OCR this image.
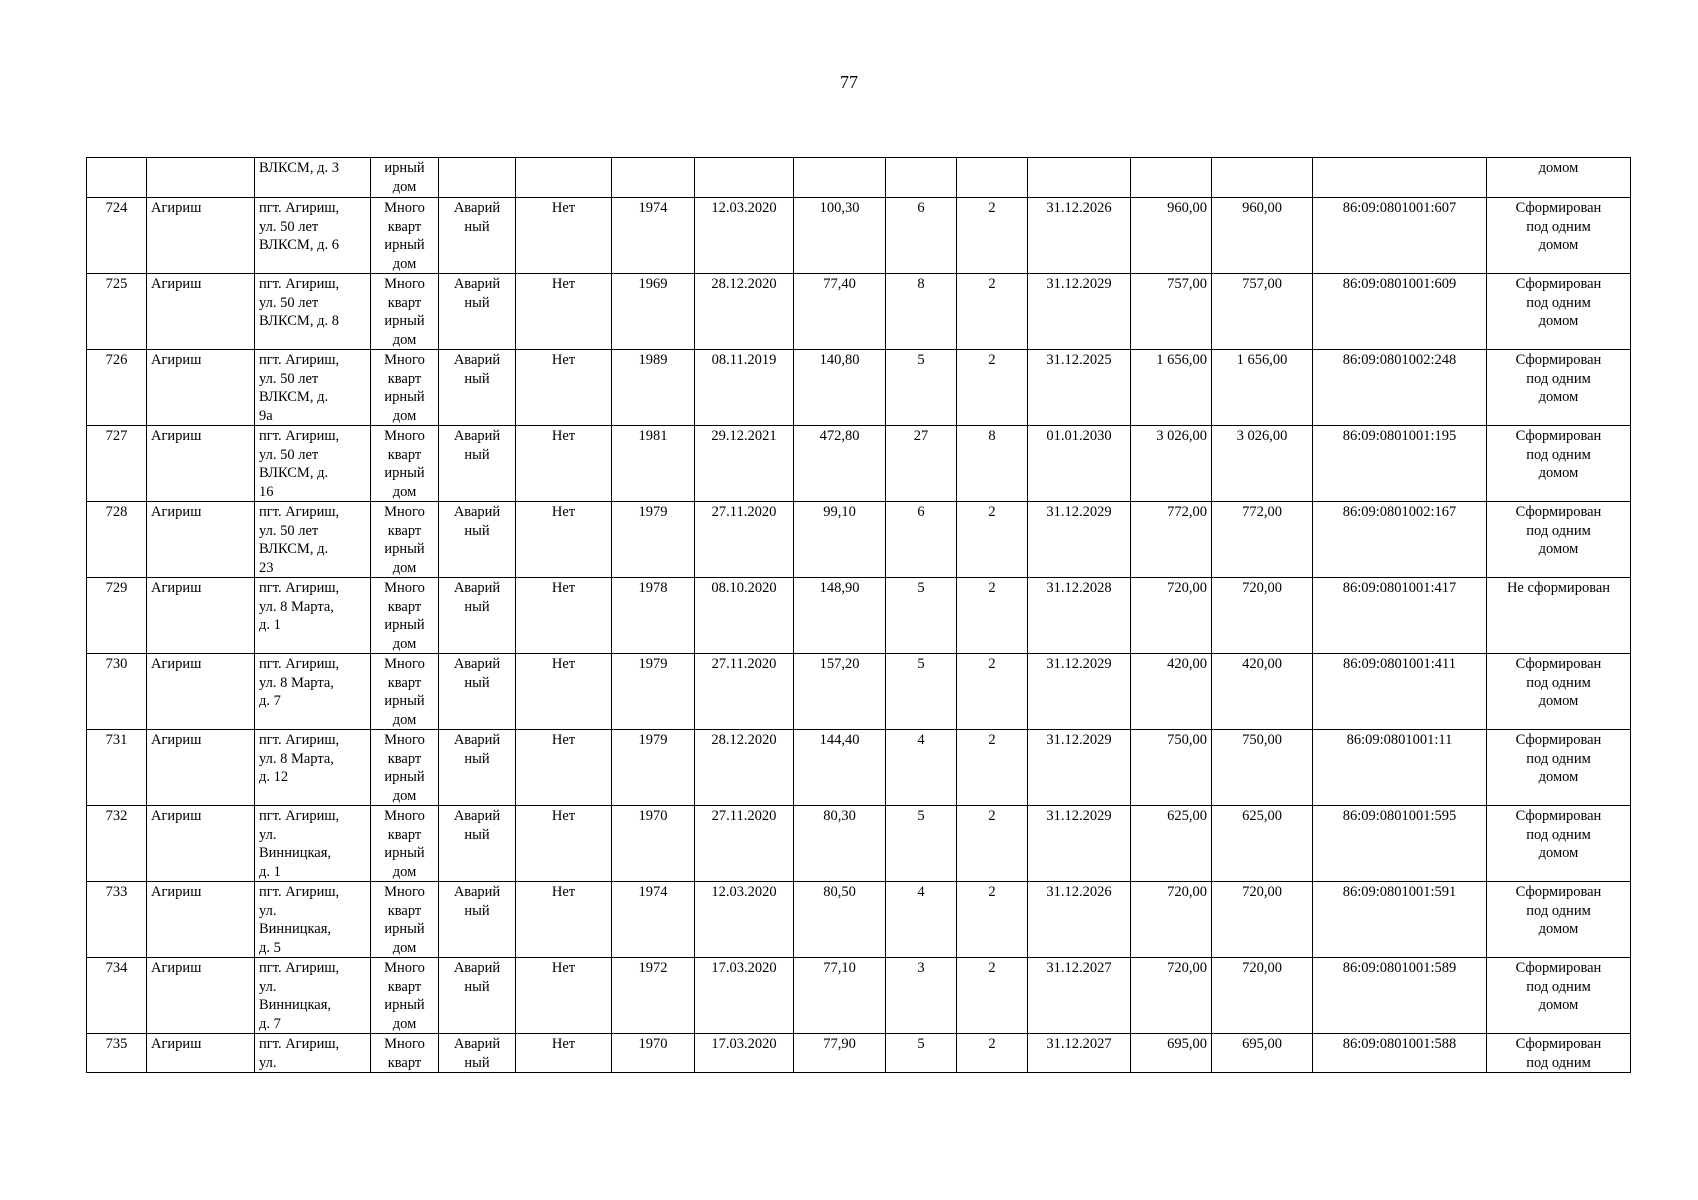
77

		ВЛКСМ, д. 3	ирный
дом												домом

724	Агириш	пгт. Агириш,
ул. 50 лет
ВЛКСМ, д. 6	Много
кварт
ирный
дом	Аварий
ный	Нет	1974	12.03.2020	100,30	6	2	31.12.2026	960,00	960,00	86:09:0801001:607	Сформирован
под одним
домом

725	Агириш	пгт. Агириш,
ул. 50 лет
ВЛКСМ, д. 8	Много
кварт
ирный
дом	Аварий
ный	Нет	1969	28.12.2020	77,40	8	2	31.12.2029	757,00	757,00	86:09:0801001:609	Сформирован
под одним
домом

726	Агириш	пгт. Агириш,
ул. 50 лет
ВЛКСМ, д.
9а	Много
кварт
ирный
дом	Аварий
ный	Нет	1989	08.11.2019	140,80	5	2	31.12.2025	1 656,00	1 656,00	86:09:0801002:248	Сформирован
под одним
домом

727	Агириш	пгт. Агириш,
ул. 50 лет
ВЛКСМ, д.
16	Много
кварт
ирный
дом	Аварий
ный	Нет	1981	29.12.2021	472,80	27	8	01.01.2030	3 026,00	3 026,00	86:09:0801001:195	Сформирован
под одним
домом

728	Агириш	пгт. Агириш,
ул. 50 лет
ВЛКСМ, д.
23	Много
кварт
ирный
дом	Аварий
ный	Нет	1979	27.11.2020	99,10	6	2	31.12.2029	772,00	772,00	86:09:0801002:167	Сформирован
под одним
домом

729	Агириш	пгт. Агириш,
ул. 8 Марта,
д. 1	Много
кварт
ирный
дом	Аварий
ный	Нет	1978	08.10.2020	148,90	5	2	31.12.2028	720,00	720,00	86:09:0801001:417	Не сформирован

730	Агириш	пгт. Агириш,
ул. 8 Марта,
д. 7	Много
кварт
ирный
дом	Аварий
ный	Нет	1979	27.11.2020	157,20	5	2	31.12.2029	420,00	420,00	86:09:0801001:411	Сформирован
под одним
домом

731	Агириш	пгт. Агириш,
ул. 8 Марта,
д. 12	Много
кварт
ирный
дом	Аварий
ный	Нет	1979	28.12.2020	144,40	4	2	31.12.2029	750,00	750,00	86:09:0801001:11	Сформирован
под одним
домом

732	Агириш	пгт. Агириш,
ул.
Винницкая,
д. 1	Много
кварт
ирный
дом	Аварий
ный	Нет	1970	27.11.2020	80,30	5	2	31.12.2029	625,00	625,00	86:09:0801001:595	Сформирован
под одним
домом

733	Агириш	пгт. Агириш,
ул.
Винницкая,
д. 5	Много
кварт
ирный
дом	Аварий
ный	Нет	1974	12.03.2020	80,50	4	2	31.12.2026	720,00	720,00	86:09:0801001:591	Сформирован
под одним
домом

734	Агириш	пгт. Агириш,
ул.
Винницкая,
д. 7	Много
кварт
ирный
дом	Аварий
ный	Нет	1972	17.03.2020	77,10	3	2	31.12.2027	720,00	720,00	86:09:0801001:589	Сформирован
под одним
домом

735	Агириш	пгт. Агириш,
ул.	Много
кварт	Аварий
ный	Нет	1970	17.03.2020	77,90	5	2	31.12.2027	695,00	695,00	86:09:0801001:588	Сформирован
под одним
